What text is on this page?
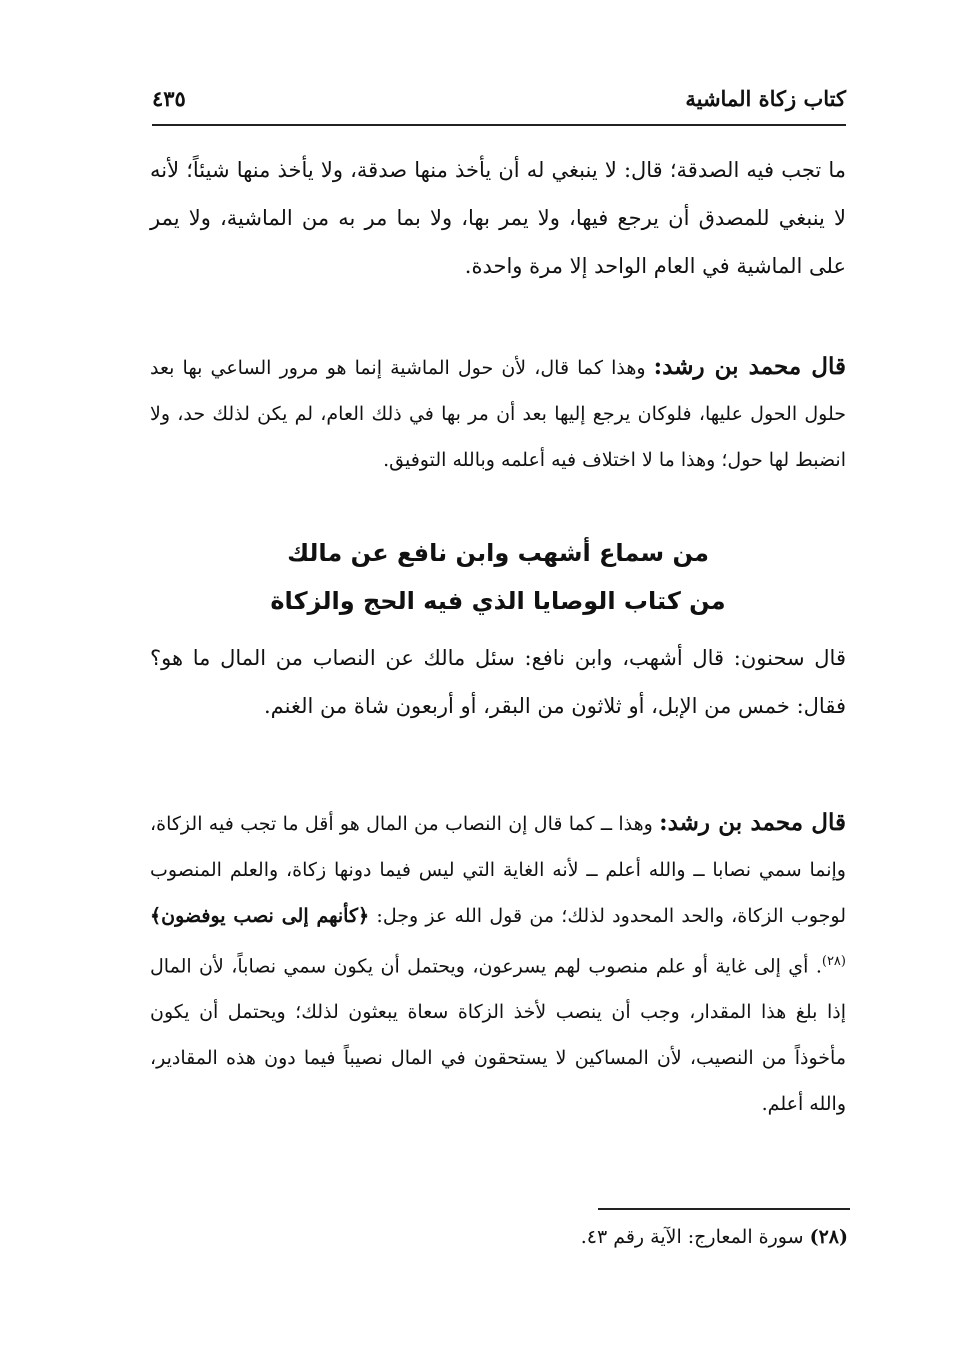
كتاب زكاة الماشية
٤٣٥

ما تجب فيه الصدقة؛ قال: لا ينبغي له أن يأخذ منها صدقة، ولا يأخذ منها شيئاً؛ لأنه لا ينبغي للمصدق أن يرجع فيها، ولا يمر بها، ولا بما مر به من الماشية، ولا يمر على الماشية في العام الواحد إلا مرة واحدة.

قال محمد بن رشد: وهذا كما قال، لأن حول الماشية إنما هو مرور الساعي بها بعد حلول الحول عليها، فلوكان يرجع إليها بعد أن مر بها في ذلك العام، لم يكن لذلك حد، ولا انضبط لها حول؛ وهذا ما لا اختلاف فيه أعلمه وبالله التوفيق.

من سماع أشهب وابن نافع عن مالك
من كتاب الوصايا الذي فيه الحج والزكاة

قال سحنون: قال أشهب، وابن نافع: سئل مالك عن النصاب من المال ما هو؟ فقال: خمس من الإبل، أو ثلاثون من البقر، أو أربعون شاة من الغنم.

قال محمد بن رشد: وهذا ــ كما قال إن النصاب من المال هو أقل ما تجب فيه الزكاة، وإنما سمي نصابا ــ والله أعلم ــ لأنه الغاية التي ليس فيما دونها زكاة، والعلم المنصوب لوجوب الزكاة، والحد المحدود لذلك؛ من قول الله عز وجل: ﴿كأنهم إلى نصب يوفضون﴾$^{(٢٨)}$. أي إلى غاية أو علم منصوب لهم يسرعون، ويحتمل أن يكون سمي نصاباً، لأن المال إذا بلغ هذا المقدار، وجب أن ينصب لأخذ الزكاة سعاة يبعثون لذلك؛ ويحتمل أن يكون مأخوذاً من النصيب، لأن المساكين لا يستحقون في المال نصيباً فيما دون هذه المقادير، والله أعلم.

(٢٨) سورة المعارج: الآية رقم ٤٣.
